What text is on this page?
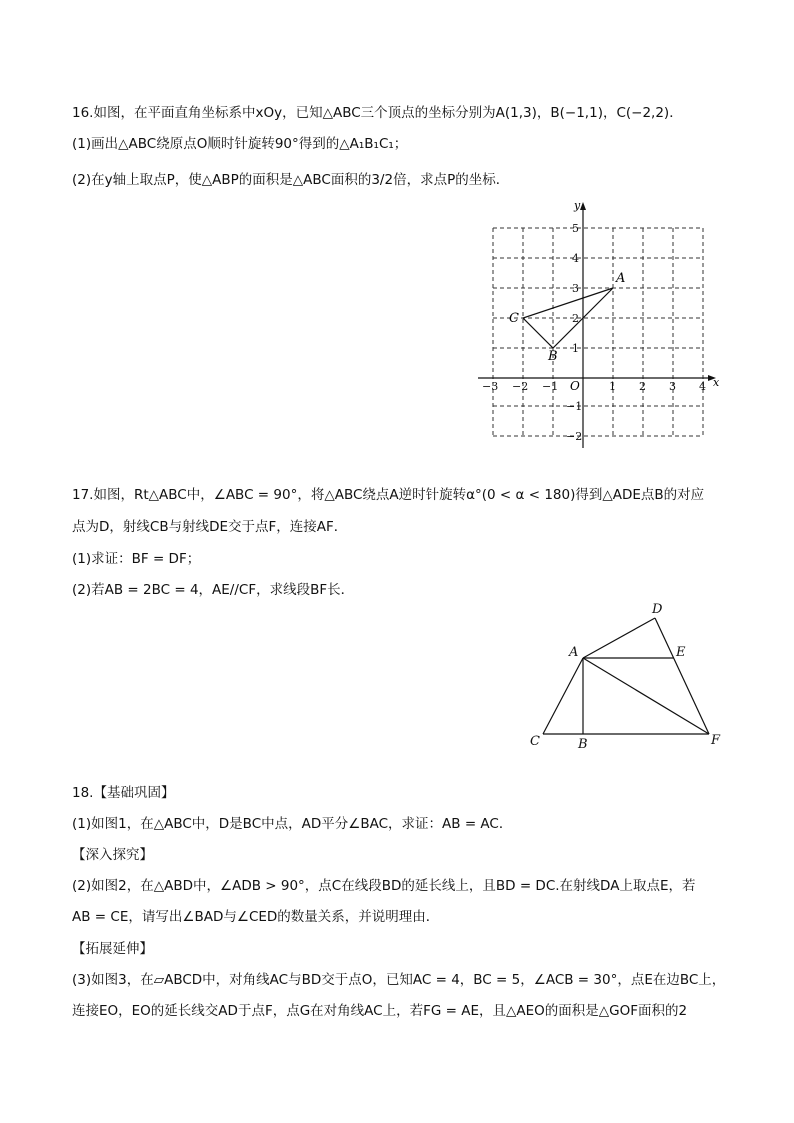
16.如图，在平面直角坐标系中xOy，已知△ABC三个顶点的坐标分别为A(1,3)，B(−1,1)，C(−2,2)．
(1)画出△ABC绕原点O顺时针旋转90°得到的△A₁B₁C₁；
(2)在y轴上取点P，使△ABP的面积是△ABC面积的3/2倍，求点P的坐标．
x
y
O
−3 −2 −1	1 2 3 4
5
4
3
2
1
−1
−2
A
B
C
17.如图，Rt△ABC中，∠ABC = 90°，将△ABC绕点A逆时针旋转α°(0 < α < 180)得到△ADE点B的对应
点为D，射线CB与射线DE交于点F，连接AF．
(1)求证：BF = DF；
(2)若AB = 2BC = 4，AE//CF，求线段BF长．
D
A	E
C	B	F
18.【基础巩固】
(1)如图1，在△ABC中，D是BC中点，AD平分∠BAC，求证：AB = AC．
【深入探究】
(2)如图2，在△ABD中，∠ADB > 90°，点C在线段BD的延长线上，且BD = DC.在射线DA上取点E，若
AB = CE，请写出∠BAD与∠CED的数量关系，并说明理由．
【拓展延伸】
(3)如图3，在▱ABCD中，对角线AC与BD交于点O，已知AC = 4，BC = 5，∠ACB = 30°，点E在边BC上，
连接EO，EO的延长线交AD于点F，点G在对角线AC上，若FG = AE，且△AEO的面积是△GOF面积的2
